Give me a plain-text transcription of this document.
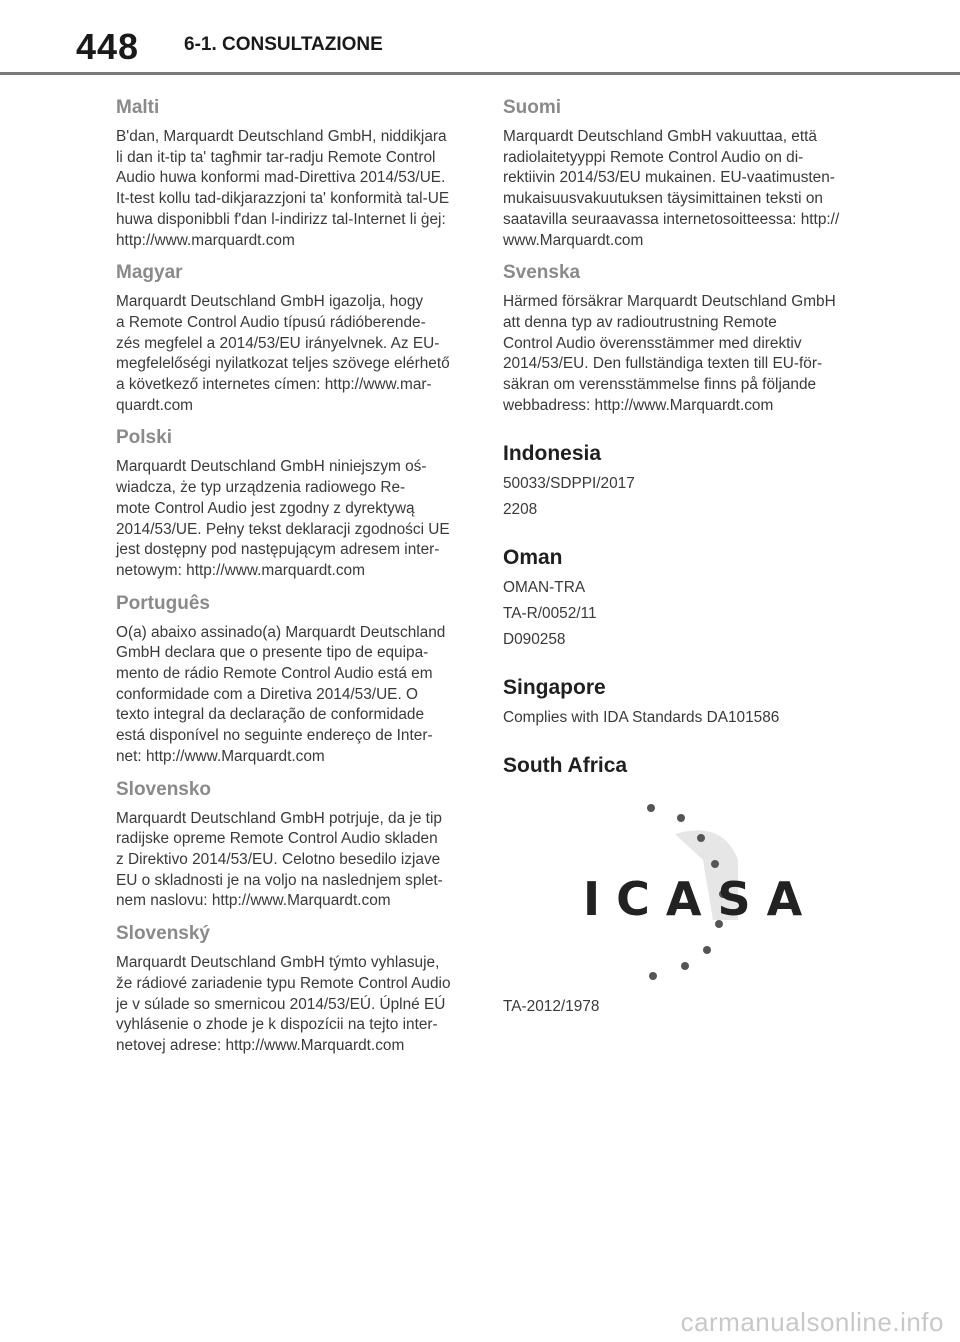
448 6-1. CONSULTAZIONE
Malti

B'dan, Marquardt Deutschland GmbH, niddikjara
li dan it-tip ta' tagħmir tar-radju Remote Control
Audio huwa konformi mad-Direttiva 2014/53/UE.
It-test kollu tad-dikjarazzjoni ta' konformità tal-UE
huwa disponibbli f'dan l-indirizz tal-Internet li ġej:
http://www.marquardt.com

Magyar

Marquardt Deutschland GmbH igazolja, hogy
a Remote Control Audio típusú rádióberende-
zés megfelel a 2014/53/EU irányelvnek. Az EU-
megfelelőségi nyilatkozat teljes szövege elérhető
a következő internetes címen: http://www.mar-
quardt.com

Polski

Marquardt Deutschland GmbH niniejszym oś-
wiadcza, że typ urządzenia radiowego Re-
mote Control Audio jest zgodny z dyrektywą
2014/53/UE. Pełny tekst deklaracji zgodności UE
jest dostępny pod następującym adresem inter-
netowym: http://www.marquardt.com

Português

O(a) abaixo assinado(a) Marquardt Deutschland
GmbH declara que o presente tipo de equipa-
mento de rádio Remote Control Audio está em
conformidade com a Diretiva 2014/53/UE. O
texto integral da declaração de conformidade
está disponível no seguinte endereço de Inter-
net: http://www.Marquardt.com

Slovensko

Marquardt Deutschland GmbH potrjuje, da je tip
radijske opreme Remote Control Audio skladen
z Direktivo 2014/53/EU. Celotno besedilo izjave
EU o skladnosti je na voljo na naslednjem splet-
nem naslovu: http://www.Marquardt.com

Slovenský

Marquardt Deutschland GmbH týmto vyhlasuje,
že rádiové zariadenie typu Remote Control Audio
je v súlade so smernicou 2014/53/EÚ. Úplné EÚ
vyhlásenie o zhode je k dispozícii na tejto inter-
netovej adrese: http://www.Marquardt.com

Suomi

Marquardt Deutschland GmbH vakuuttaa, että
radiolaitetyyppi Remote Control Audio on di-
rektiivin 2014/53/EU mukainen. EU-vaatimusten-
mukaisuusvakuutuksen täysimittainen teksti on
saatavilla seuraavassa internetosoitteessa: http://
www.Marquardt.com

Svenska

Härmed försäkrar Marquardt Deutschland GmbH
att denna typ av radioutrustning Remote
Control Audio överensstämmer med direktiv
2014/53/EU. Den fullständiga texten till EU-för-
säkran om verensstämmelse finns på följande
webbadress: http://www.Marquardt.com

Indonesia
50033/SDPPI/2017
2208
Oman
OMAN-TRA
TA-R/0052/11
D090258
Singapore
Complies with IDA Standards DA101586
South Africa
I C A S A
TA-2012/1978
carmanualsonline.info
